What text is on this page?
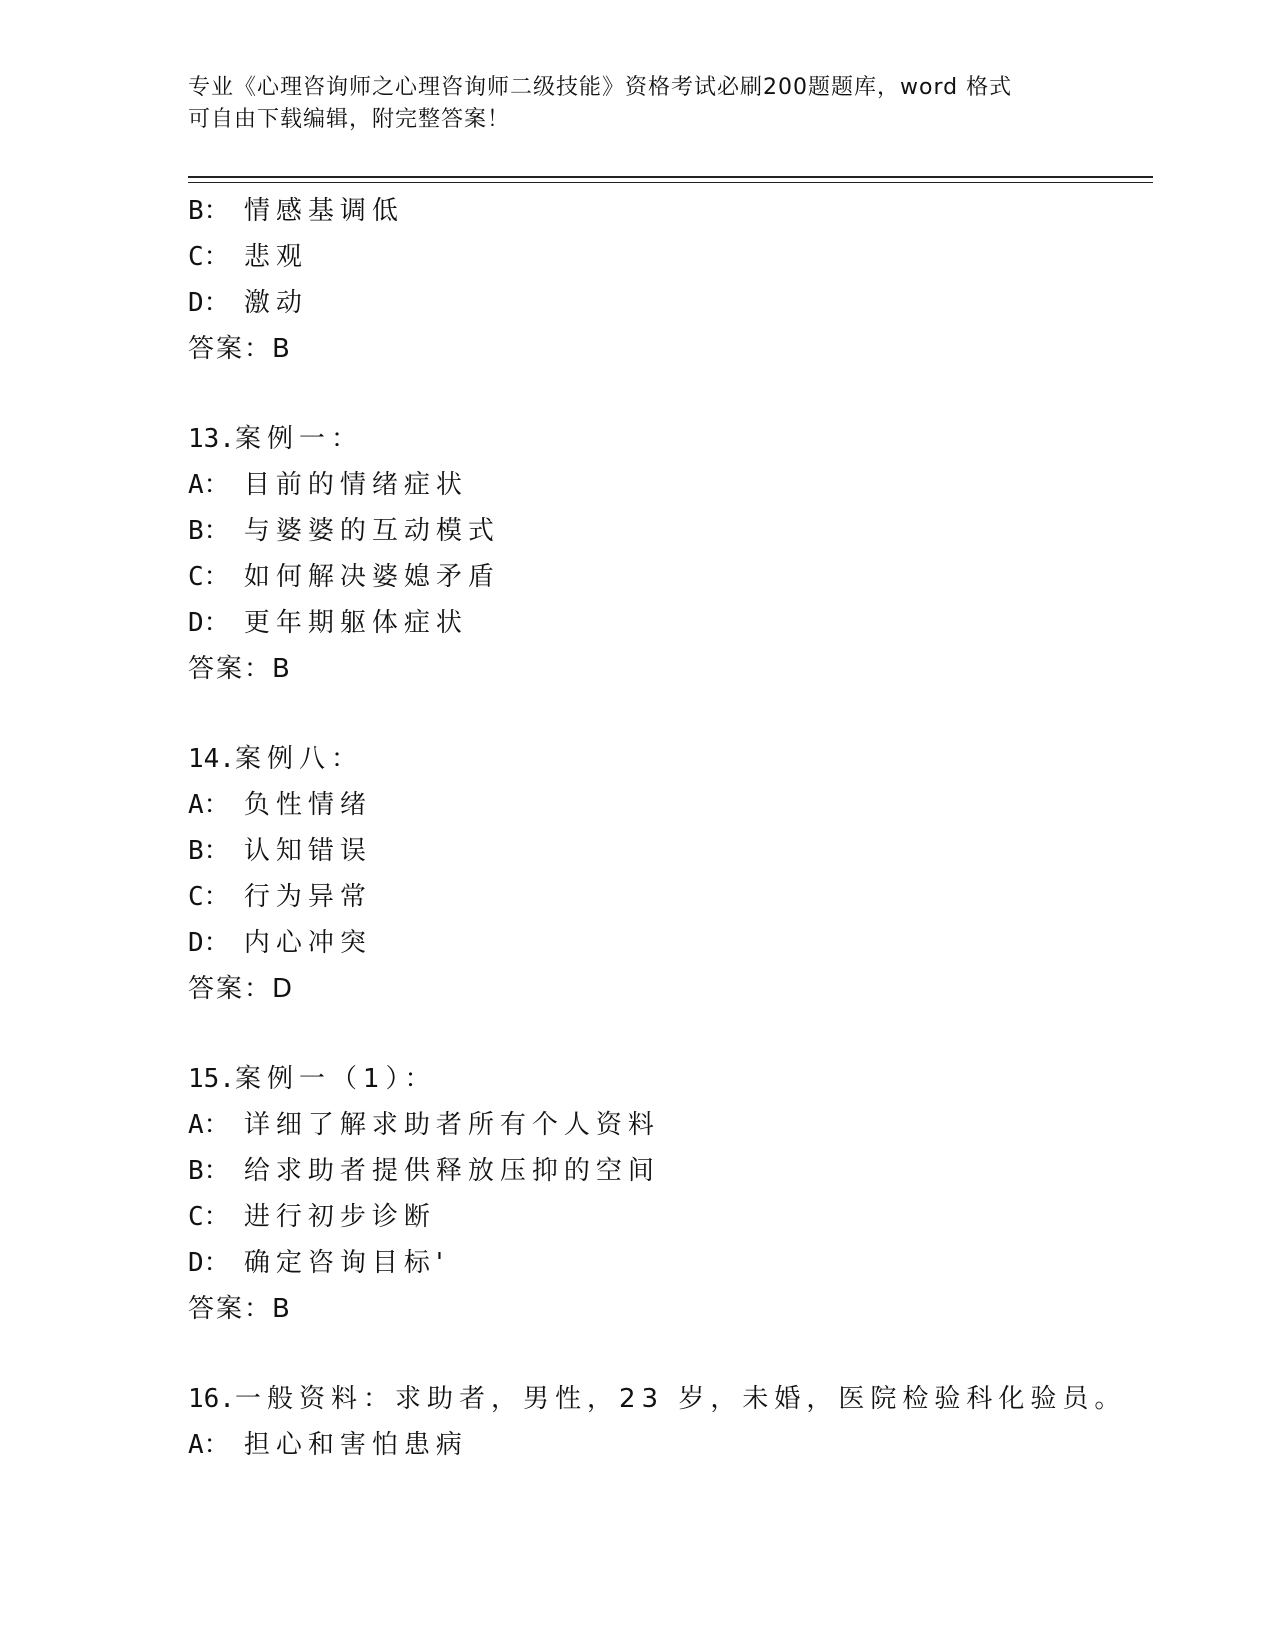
专业《心理咨询师之心理咨询师二级技能》资格考试必刷200题题库，word 格式
可自由下载编辑，附完整答案！
B： 情感基调低
C： 悲观
D： 激动
答案：B
13.案例一：
A： 目前的情绪症状
B： 与婆婆的互动模式
C： 如何解决婆媳矛盾
D： 更年期躯体症状
答案：B
14.案例八：
A： 负性情绪
B： 认知错误
C： 行为异常
D： 内心冲突
答案：D
15.案例一（1）：
A： 详细了解求助者所有个人资料
B： 给求助者提供释放压抑的空间
C： 进行初步诊断
D： 确定咨询目标'
答案：B
16.一般资料：求助者，男性，23 岁，未婚，医院检验科化验员。
A： 担心和害怕患病
